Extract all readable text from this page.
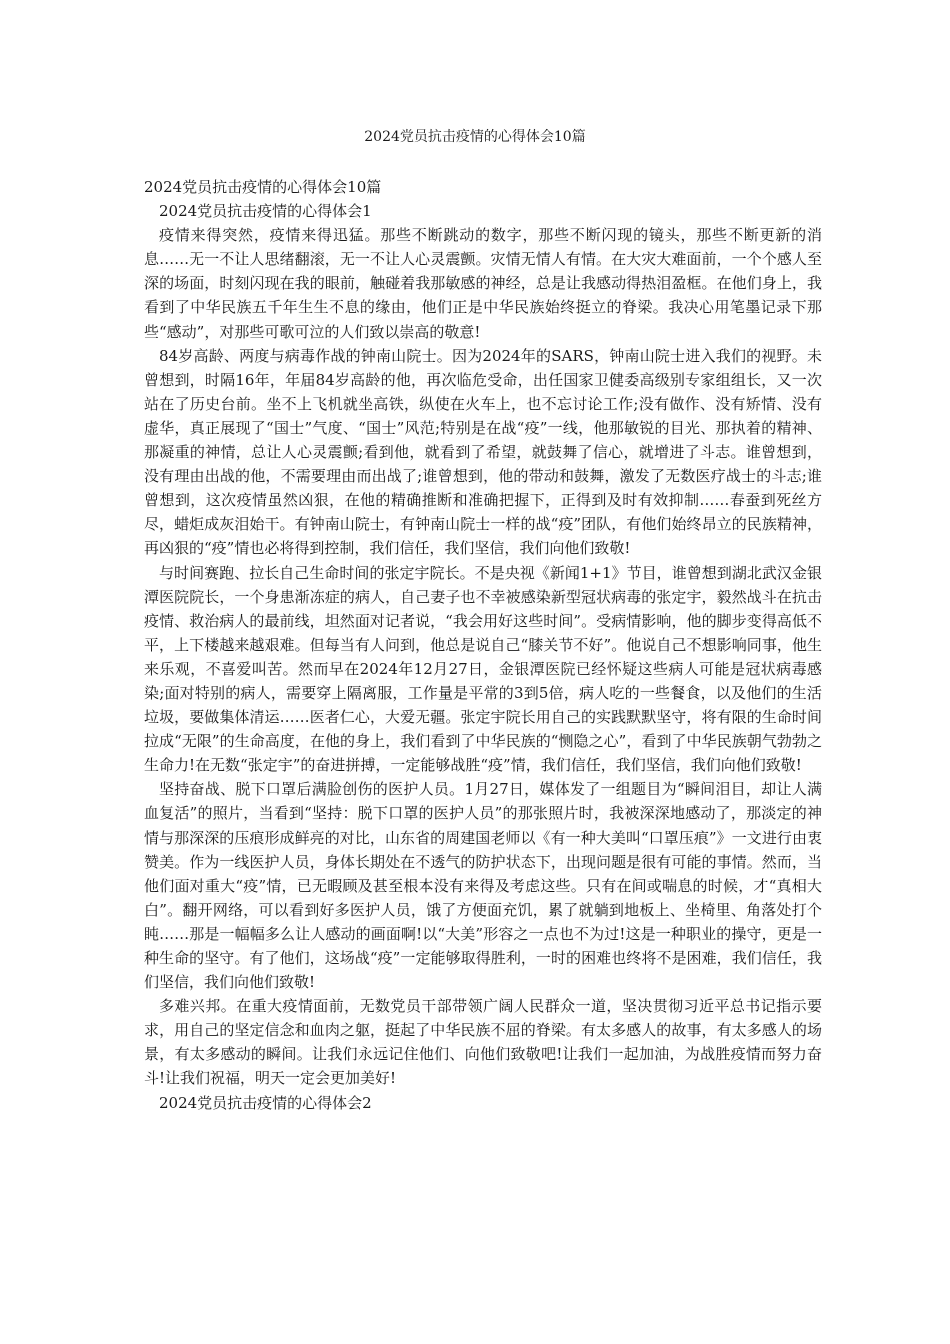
2024党员抗击疫情的心得体会10篇

2024党员抗击疫情的心得体会10篇

2024党员抗击疫情的心得体会1

疫情来得突然，疫情来得迅猛。那些不断跳动的数字，那些不断闪现的镜头，那些不断更新的消息……无一不让人思绪翻滚，无一不让人心灵震颤。灾情无情人有情。在大灾大难面前，一个个感人至深的场面，时刻闪现在我的眼前，触碰着我那敏感的神经，总是让我感动得热泪盈框。在他们身上，我看到了中华民族五千年生生不息的缘由，他们正是中华民族始终挺立的脊梁。我决心用笔墨记录下那些“感动”，对那些可歌可泣的人们致以崇高的敬意!

84岁高龄、两度与病毒作战的钟南山院士。因为2024年的SARS，钟南山院士进入我们的视野。未曾想到，时隔16年，年届84岁高龄的他，再次临危受命，出任国家卫健委高级别专家组组长，又一次站在了历史台前。坐不上飞机就坐高铁，纵使在火车上，也不忘讨论工作;没有做作、没有矫情、没有虚华，真正展现了“国士”气度、“国士”风范;特别是在战“疫”一线，他那敏锐的目光、那执着的精神、那凝重的神情，总让人心灵震颤;看到他，就看到了希望，就鼓舞了信心，就增进了斗志。谁曾想到，没有理由出战的他，不需要理由而出战了;谁曾想到，他的带动和鼓舞，激发了无数医疗战士的斗志;谁曾想到，这次疫情虽然凶狠，在他的精确推断和准确把握下，正得到及时有效抑制……春蚕到死丝方尽，蜡炬成灰泪始干。有钟南山院士，有钟南山院士一样的战“疫”团队，有他们始终昂立的民族精神，再凶狠的“疫”情也必将得到控制，我们信任，我们坚信，我们向他们致敬!

与时间赛跑、拉长自己生命时间的张定宇院长。不是央视《新闻1+1》节目，谁曾想到湖北武汉金银潭医院院长，一个身患渐冻症的病人，自己妻子也不幸被感染新型冠状病毒的张定宇，毅然战斗在抗击疫情、救治病人的最前线，坦然面对记者说，“我会用好这些时间”。受病情影响，他的脚步变得高低不平，上下楼越来越艰难。但每当有人问到，他总是说自己“膝关节不好”。他说自己不想影响同事，他生来乐观，不喜爱叫苦。然而早在2024年12月27日，金银潭医院已经怀疑这些病人可能是冠状病毒感染;面对特别的病人，需要穿上隔离服，工作量是平常的3到5倍，病人吃的一些餐食，以及他们的生活垃圾，要做集体清运……医者仁心，大爱无疆。张定宇院长用自己的实践默默坚守，将有限的生命时间拉成“无限”的生命高度，在他的身上，我们看到了中华民族的“恻隐之心”，看到了中华民族朝气勃勃之生命力!在无数“张定宇”的奋进拼搏，一定能够战胜“疫”情，我们信任，我们坚信，我们向他们致敬!

坚持奋战、脱下口罩后满脸创伤的医护人员。1月27日，媒体发了一组题目为“瞬间泪目，却让人满血复活”的照片，当看到“坚持：脱下口罩的医护人员”的那张照片时，我被深深地感动了，那淡定的神情与那深深的压痕形成鲜亮的对比，山东省的周建国老师以《有一种大美叫“口罩压痕”》一文进行由衷赞美。作为一线医护人员，身体长期处在不透气的防护状态下，出现问题是很有可能的事情。然而，当他们面对重大“疫”情，已无暇顾及甚至根本没有来得及考虑这些。只有在间或喘息的时候，才“真相大白”。翻开网络，可以看到好多医护人员，饿了方便面充饥，累了就躺到地板上、坐椅里、角落处打个盹……那是一幅幅多么让人感动的画面啊!以“大美”形容之一点也不为过!这是一种职业的操守，更是一种生命的坚守。有了他们，这场战“疫”一定能够取得胜利，一时的困难也终将不是困难，我们信任，我们坚信，我们向他们致敬!

多难兴邦。在重大疫情面前，无数党员干部带领广阔人民群众一道，坚决贯彻习近平总书记指示要求，用自己的坚定信念和血肉之躯，挺起了中华民族不屈的脊梁。有太多感人的故事，有太多感人的场景，有太多感动的瞬间。让我们永远记住他们、向他们致敬吧!让我们一起加油，为战胜疫情而努力奋斗!让我们祝福，明天一定会更加美好!

2024党员抗击疫情的心得体会2
